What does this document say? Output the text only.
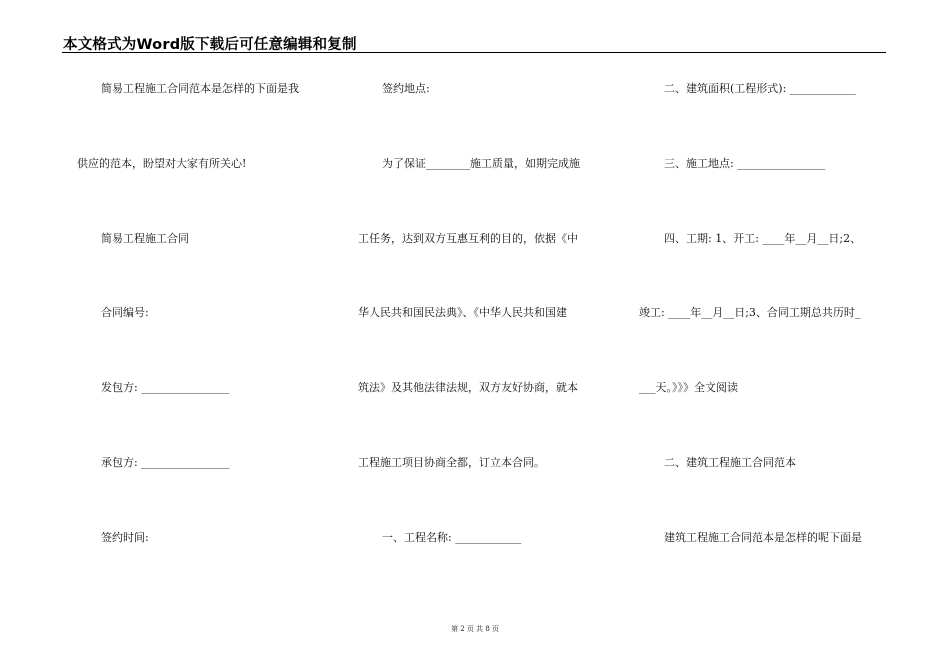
本文格式为Word版下载后可任意编辑和复制
简易工程施工合同范本是怎样的下面是我
供应的范本，盼望对大家有所关心!
简易工程施工合同
合同编号:
发包方: ________________
承包方: ________________
签约时间:
签约地点:
为了保证________施工质量，如期完成施
工任务，达到双方互惠互利的目的，依据《中
华人民共和国民法典》、《中华人民共和国建
筑法》及其他法律法规，双方友好协商，就本
工程施工项目协商全都，订立本合同。
一、工程名称: ____________
二、建筑面积(工程形式): ____________
三、施工地点: ________________
四、工期: 1、开工: ____年__月__日;2、
竣工: ____年__月__日;3、合同工期总共历时_
___天。》》》全文阅读
二、建筑工程施工合同范本
建筑工程施工合同范本是怎样的呢下面是
第 2 页 共 8 页
